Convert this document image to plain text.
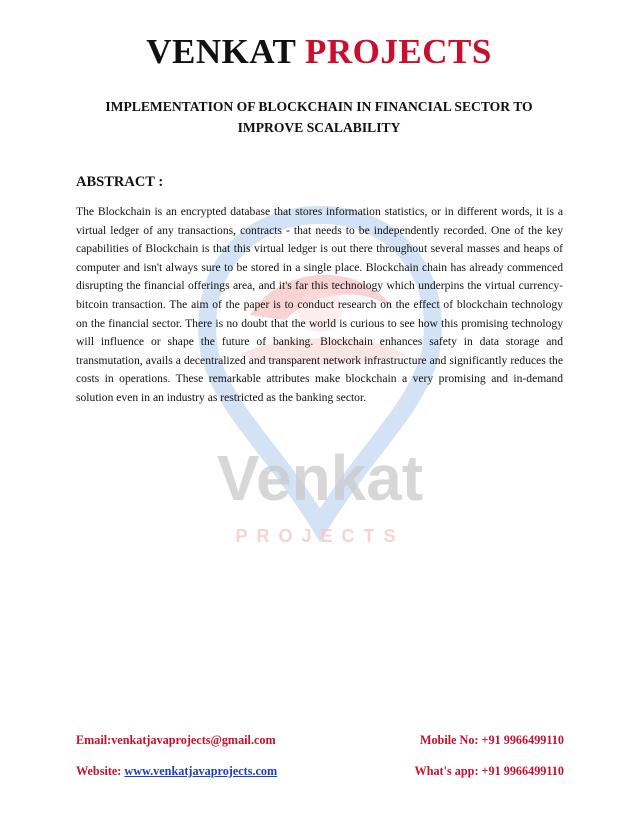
Venkat
PROJECTS
VENKAT PROJECTS
IMPLEMENTATION OF BLOCKCHAIN IN FINANCIAL SECTOR TO IMPROVE SCALABILITY
ABSTRACT :
The Blockchain is an encrypted database that stores information statistics, or in different words, it is a virtual ledger of any transactions, contracts - that needs to be independently recorded. One of the key capabilities of Blockchain is that this virtual ledger is out there throughout several masses and heaps of computer and isn't always sure to be stored in a single place. Blockchain chain has already commenced disrupting the financial offerings area, and it's far this technology which underpins the virtual currency- bitcoin transaction. The aim of the paper is to conduct research on the effect of blockchain technology on the financial sector. There is no doubt that the world is curious to see how this promising technology will influence or shape the future of banking. Blockchain enhances safety in data storage and transmutation, avails a decentralized and transparent network infrastructure and significantly reduces the costs in operations. These remarkable attributes make blockchain a very promising and in-demand solution even in an industry as restricted as the banking sector.
Email:venkatjavaprojects@gmail.com	Mobile No: +91 9966499110
Website: www.venkatjavaprojects.com	What's app: +91 9966499110
